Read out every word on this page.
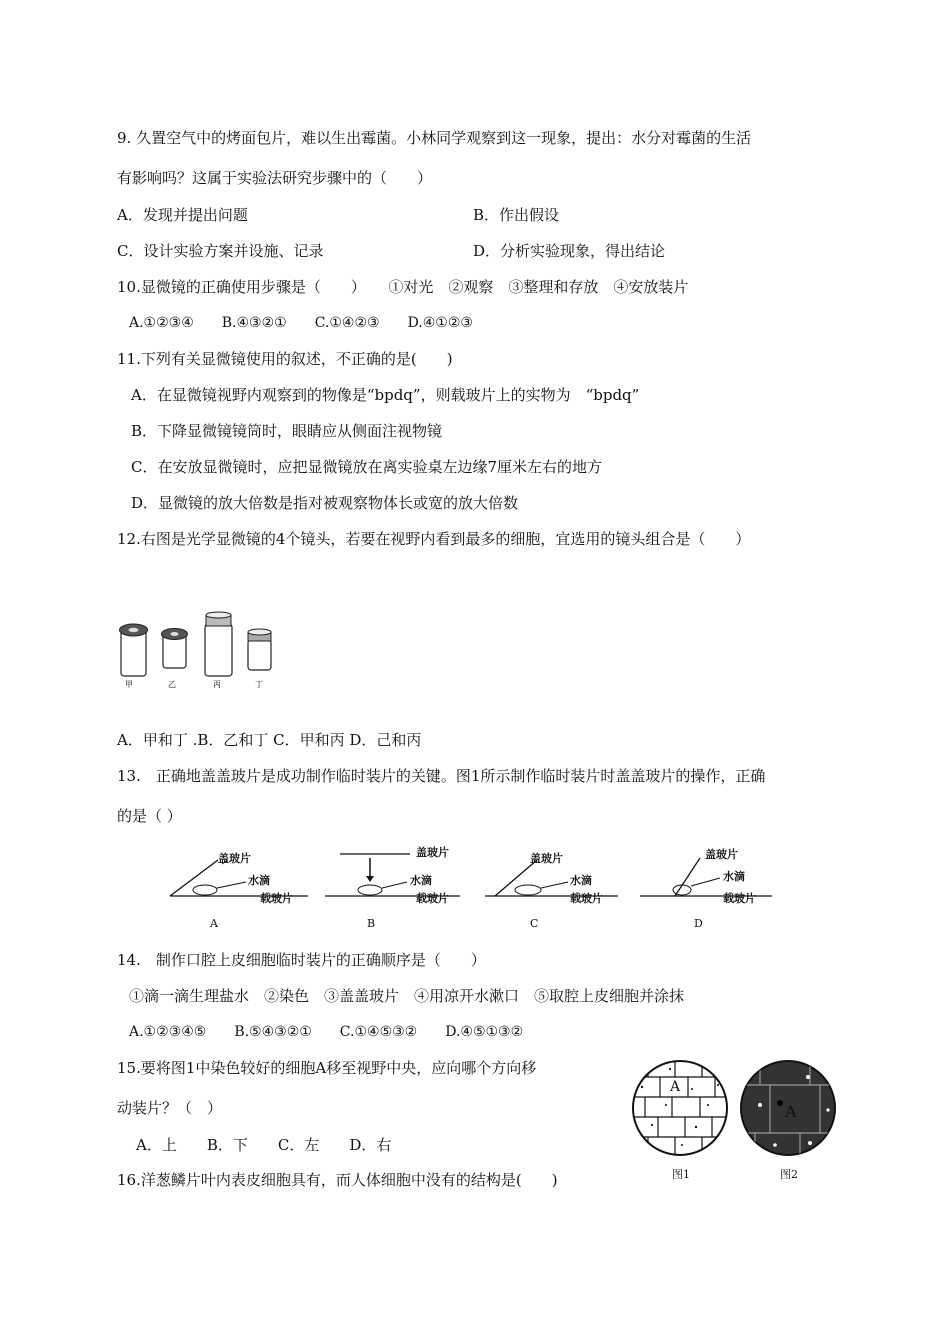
9. 久置空气中的烤面包片，难以生出霉菌。小林同学观察到这一现象，提出：水分对霉菌的生活
有影响吗？这属于实验法研究步骤中的（　　）
A．发现并提出问题	B．作出假设
C．设计实验方案并设施、记录	D．分析实验现象，得出结论
10.显微镜的正确使用步骤是（　　）　　①对光　②观察　③整理和存放　④安放装片
A.①②③④　　B.④③②①　　C.①④②③　　D.④①②③
11.下列有关显微镜使用的叙述，不正确的是(　　)
A．在显微镜视野内观察到的物像是“bpdq”，则载玻片上的实物为　“bpdq”
B．下降显微镜镜筒时，眼睛应从侧面注视物镜
C．在安放显微镜时，应把显微镜放在离实验桌左边缘7厘米左右的地方
D．显微镜的放大倍数是指对被观察物体长或宽的放大倍数
12.右图是光学显微镜的4个镜头，若要在视野内看到最多的细胞，宜选用的镜头组合是（　　）
甲	乙	丙	丁
A．甲和丁 .B．乙和丁 C．甲和丙 D．己和丙
13.　正确地盖盖玻片是成功制作临时装片的关键。图1所示制作临时装片时盖盖玻片的操作，正确
的是（ ）
盖玻片
水滴
载玻片
A
盖玻片
水滴
载玻片
B
盖玻片
水滴
载玻片
C
盖玻片
水滴
载玻片
D
14.　制作口腔上皮细胞临时装片的正确顺序是（　　）
①滴一滴生理盐水　②染色　③盖盖玻片　④用凉开水漱口　⑤取腔上皮细胞并涂抹
A.①②③④⑤　　B.⑤④③②①　　C.①④⑤③②　　D.④⑤①③②
15.要将图1中染色较好的细胞A移至视野中央，应向哪个方向移
动装片？（　）
A．上　　B．下　　C．左　　D．右
A
A
图1	图2
16.洋葱鳞片叶内表皮细胞具有，而人体细胞中没有的结构是(　　)
